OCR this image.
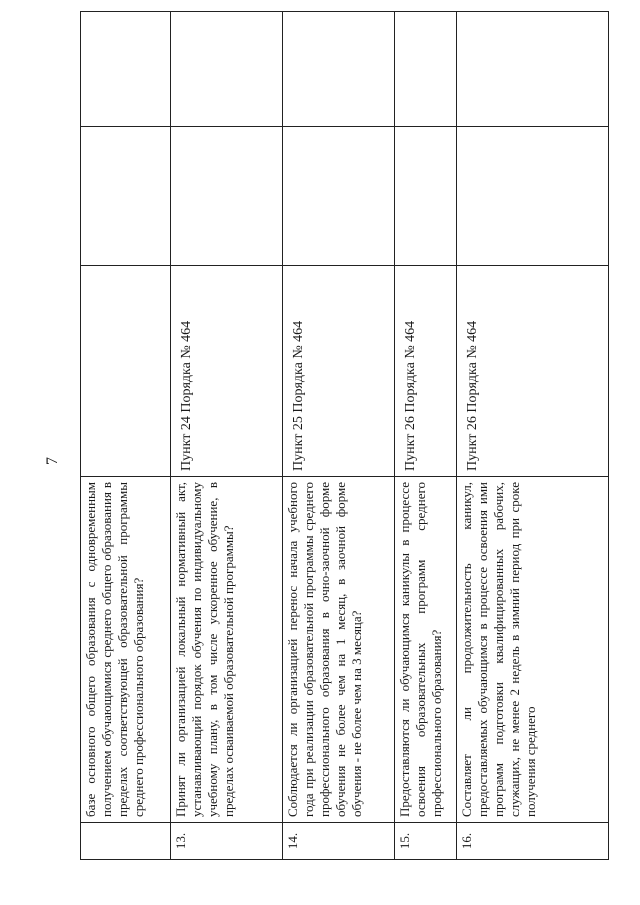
7
	базе основного общего образования с одновременным получением обучающимися среднего общего образования в пределах соответствующей образовательной программы среднего профессионального образования?			
13.	Принят ли организацией локальный нормативный акт, устанавливающий порядок обучения по индивидуальному учебному плану, в том числе ускоренное обучение, в пределах осваиваемой образовательной программы?	Пункт 24 Порядка № 464		
14.	Соблюдается ли организацией перенос начала учебного года при реализации образовательной программы среднего профессионального образования в очно-заочной форме обучения не более чем на 1 месяц, в заочной форме обучения - не более чем на 3 месяца?	Пункт 25 Порядка № 464		
15.	Предоставляются ли обучающимся каникулы в процессе освоения образовательных программ среднего профессионального образования?	Пункт 26 Порядка № 464		
16.	Составляет ли продолжительность каникул, предоставляемых обучающимся в процессе освоения ими программ подготовки квалифицированных рабочих, служащих, не менее 2 недель в зимний период при сроке получения среднего	Пункт 26 Порядка № 464		
